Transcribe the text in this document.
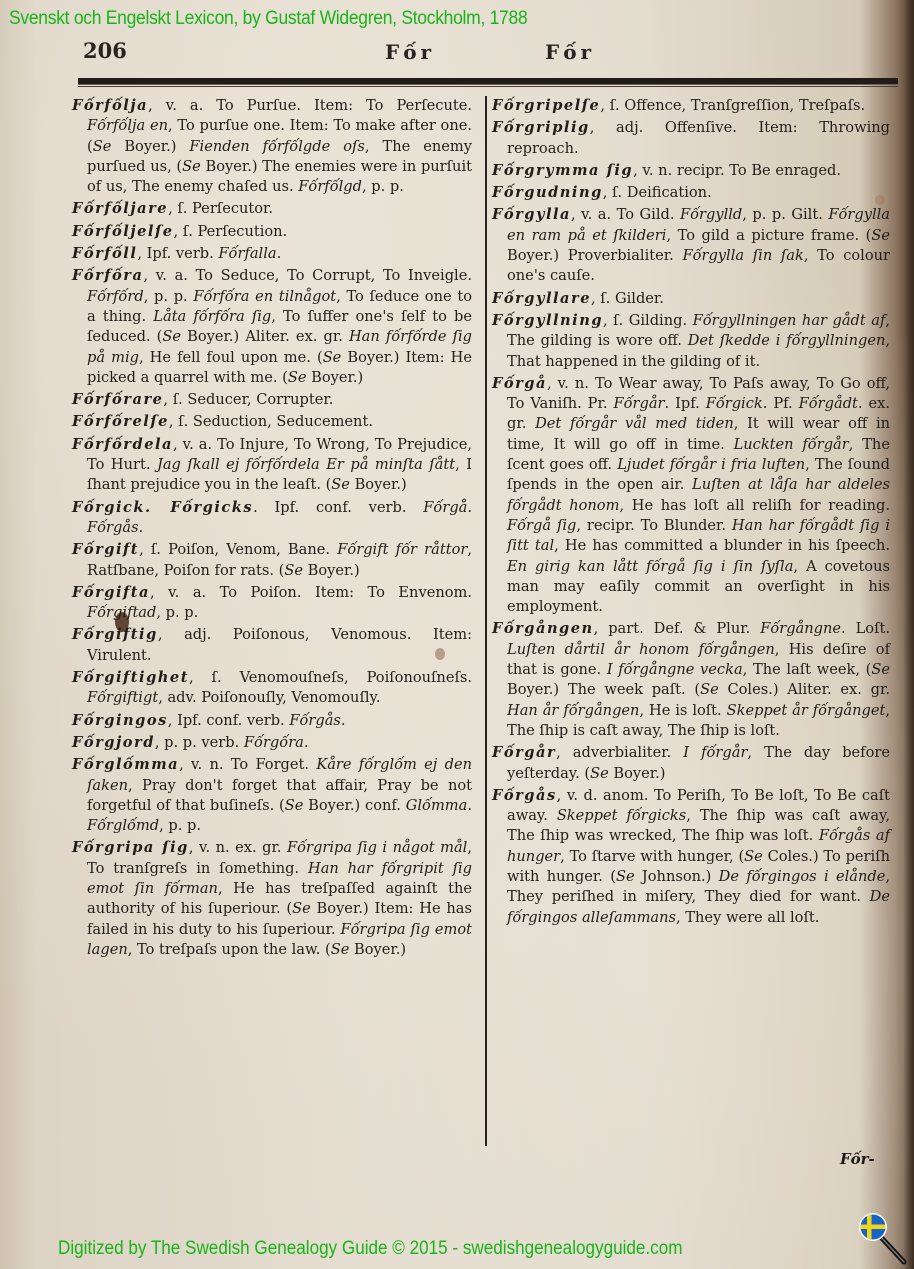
Svenskt och Engelskt Lexicon, by Gustaf Widegren, Stockholm, 1788
206	Fốr	Fốr

Fốrfốlja, v. a. To Purſue. Item: To Perſecute. Fốrfốlja en, To purſue one. Item: To make after one. (Se Boyer.) Fienden fốrfốlgde oſs, The enemy purſued us, (Se Boyer.) The enemies were in purſuit of us, The enemy chaſed us. Fốrfốlgd, p. p.

Fốrfốljare, ſ. Perſecutor.

Fốrfốljelſe, ſ. Perſecution.

Fốrfốll, Ipf. verb. Fốrfalla.

Fốrfốra, v. a. To Seduce, To Corrupt, To Inveigle. Fốrfốrd, p. p. Fốrfốra en tilnågot, To ſeduce one to a thing. Låta fốrfốra ſig, To ſuffer one's ſelf to be ſeduced. (Se Boyer.) Aliter. ex. gr. Han fốrfốrde ſig på mig, He fell foul upon me. (Se Boyer.) Item: He picked a quarrel with me. (Se Boyer.)

Fốrfốrare, ſ. Seducer, Corrupter.

Fốrfốrelſe, ſ. Seduction, Seducement.

Fốrfốrdela, v. a. To Injure, To Wrong, To Prejudice, To Hurt. Jag ſkall ej fốrfốrdela Er på minſta ſått, I ſhant prejudice you in the leaſt. (Se Boyer.)

Fốrgick. Fốrgicks. Ipf. conf. verb. Fốrgå. Fốrgås.

Fốrgift, ſ. Poiſon, Venom, Bane. Fốrgift fốr råttor, Ratſbane, Poiſon for rats. (Se Boyer.)

Fốrgifta, v. a. To Poiſon. Item: To Envenom. Fốrgiftad, p. p.

Fốrgiftig, adj. Poiſonous, Venomous. Item: Virulent.

Fốrgiftighet, ſ. Venomouſneſs, Poiſonouſneſs. Fốrgiftigt, adv. Poiſonouſly, Venomouſly.

Fốrgingos, Ipf. conf. verb. Fốrgås.

Fốrgjord, p. p. verb. Fốrgốra.

Fốrglốmma, v. n. To Forget. Kåre fốrglốm ej den ſaken, Pray don't forget that affair, Pray be not forgetful of that buſineſs. (Se Boyer.) conf. Glốmma. Fốrglốmd, p. p.

Fốrgripa ſig, v. n. ex. gr. Fốrgripa ſig i något mål, To tranſgreſs in ſomething. Han har fốrgripit ſig emot ſin fốrman, He has treſpaſſed againſt the authority of his ſuperiour. (Se Boyer.) Item: He has failed in his duty to his ſuperiour. Fốrgripa ſig emot lagen, To treſpaſs upon the law. (Se Boyer.)

Fốrgripelſe, ſ. Offence, Tranſgreſſion, Treſpaſs.

Fốrgriplig, adj. Offenſive. Item: Throwing reproach.

Fốrgrymma ſig, v. n. recipr. To Be enraged.

Fốrgudning, ſ. Deification.

Fốrgylla, v. a. To Gild. Fốrgylld, p. p. Gilt. Fốrgylla en ram på et ſkilderi, To gild a picture frame. (Se Boyer.) Proverbialiter. Fốrgylla ſin ſak, To colour one's cauſe.

Fốrgyllare, ſ. Gilder.

Fốrgyllning, ſ. Gilding. Fốrgyllningen har gådt af, The gilding is wore off. Det ſkedde i fốrgyllningen, That happened in the gilding of it.

Fốrgå, v. n. To Wear away, To Paſs away, To Go off, To Vaniſh. Pr. Fốrgår. Ipf. Fốrgick. Pf. Fốrgådt. ex. gr. Det fốrgår vål med tiden, It will wear off in time, It will go off in time. Luckten fốrgår, The ſcent goes off. Ljudet fốrgår i fria luften, The ſound ſpends in the open air. Luſten at låſa har aldeles fốrgådt honom, He has loſt all reliſh for reading. Fốrgå ſig, recipr. To Blunder. Han har fốrgådt ſig i ſitt tal, He has committed a blunder in his ſpeech. En girig kan lått fốrgå ſig i ſin ſyſla, A covetous man may eaſily commit an overſight in his employment.

Fốrgången, part. Def. & Plur. Fốrgångne. Loſt. Luſten dårtil år honom fốrgången, His deſire of that is gone. I fốrgångne vecka, The laſt week, (Se Boyer.) The week paſt. (Se Coles.) Aliter. ex. gr. Han år fốrgången, He is loſt. Skeppet år fốrgånget, The ſhip is caſt away, The ſhip is loſt.

Fốrgår, adverbialiter. I fốrgår, The day before yeſterday. (Se Boyer.)

Fốrgås, v. d. anom. To Periſh, To Be loſt, To Be caſt away. Skeppet fốrgicks, The ſhip was caſt away, The ſhip was wrecked, The ſhip was loſt. Fốrgås af hunger, To ſtarve with hunger, (Se Coles.) To periſh with hunger. (Se Johnson.) De fốrgingos i elånde, They periſhed in miſery, They died for want. De fốrgingos alleſammans, They were all loſt.

Fốr-
Digitized by The Swedish Genealogy Guide © 2015 - swedishgenealogyguide.com
